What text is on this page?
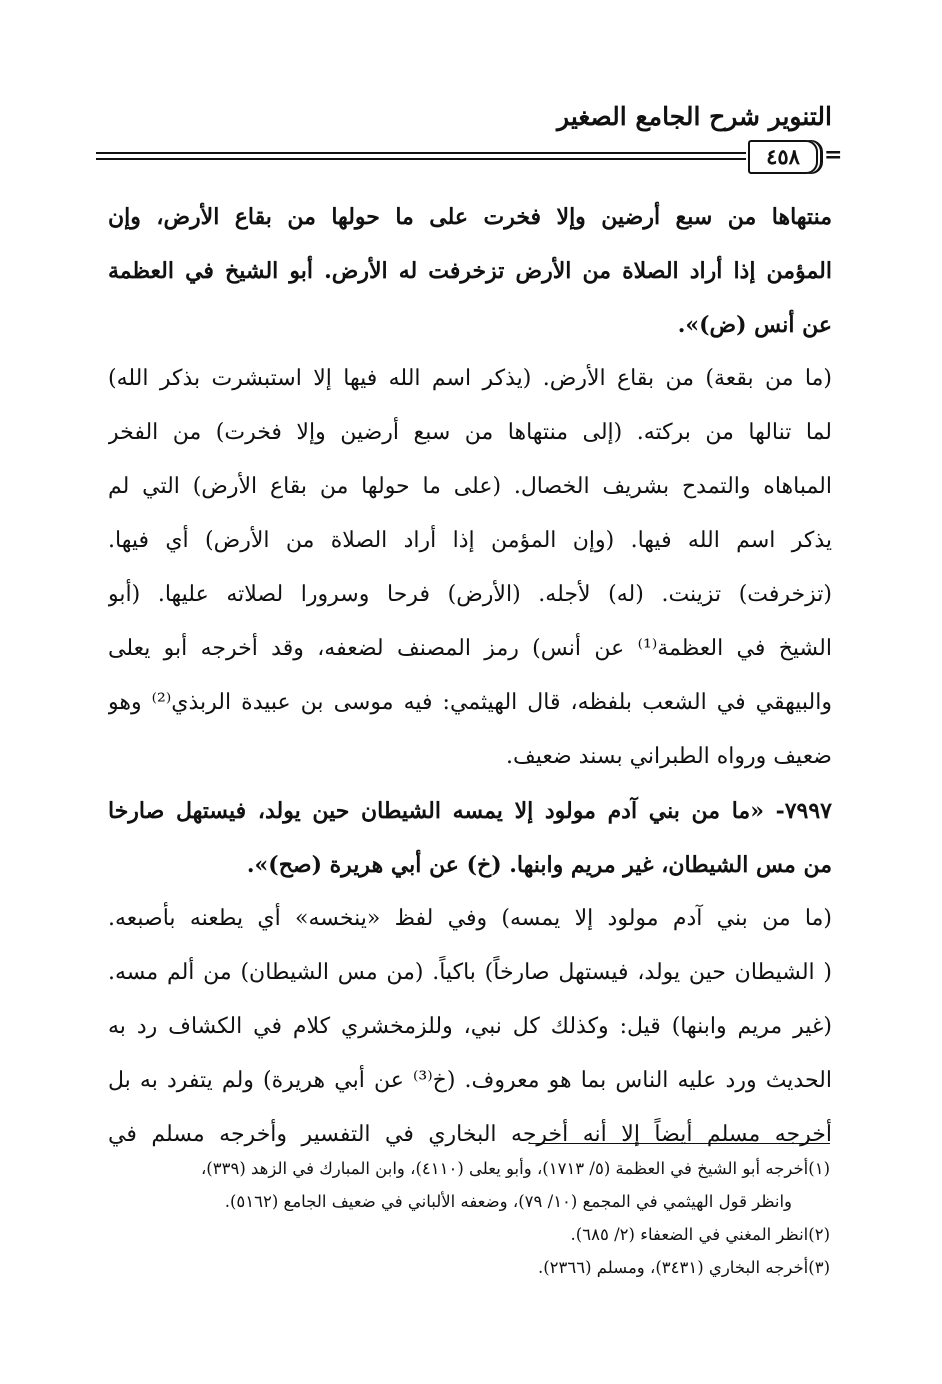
التنوير شرح الجامع الصغير
٤٥٨	=
منتهاها من سبع أرضين وإلا فخرت على ما حولها من بقاع الأرض، وإن
المؤمن إذا أراد الصلاة من الأرض تزخرفت له الأرض. أبو الشيخ في العظمة
عن أنس (ض)».
(ما من بقعة) من بقاع الأرض. (يذكر اسم الله فيها إلا استبشرت بذكر الله)
لما تنالها من بركته. (إلى منتهاها من سبع أرضين وإلا فخرت) من الفخر
المباهاه والتمدح بشريف الخصال. (على ما حولها من بقاع الأرض) التي لم
يذكر اسم الله فيها. (وإن المؤمن إذا أراد الصلاة من الأرض) أي فيها.
(تزخرفت) تزينت. (له) لأجله. (الأرض) فرحا وسرورا لصلاته عليها. (أبو
الشيخ في العظمة⁽¹⁾ عن أنس) رمز المصنف لضعفه، وقد أخرجه أبو يعلى
والبيهقي في الشعب بلفظه، قال الهيثمي: فيه موسى بن عبيدة الربذي⁽²⁾ وهو
ضعيف ورواه الطبراني بسند ضعيف.
٧٩٩٧- «ما من بني آدم مولود إلا يمسه الشيطان حين يولد، فيستهل صارخا
من مس الشيطان، غير مريم وابنها. (خ) عن أبي هريرة (صح)».
(ما من بني آدم مولود إلا يمسه) وفي لفظ «ينخسه» أي يطعنه بأصبعه.
( الشيطان حين يولد، فيستهل صارخاً) باكياً. (من مس الشيطان) من ألم مسه.
(غير مريم وابنها) قيل: وكذلك كل نبي، وللزمخشري كلام في الكشاف رد به
الحديث ورد عليه الناس بما هو معروف. (خ⁽³⁾ عن أبي هريرة) ولم يتفرد به بل
أخرجه مسلم أيضاً إلا أنه أخرجه البخاري في التفسير وأخرجه مسلم في
(١)أخرجه أبو الشيخ في العظمة (٥/ ١٧١٣)، وأبو يعلى (٤١١٠)، وابن المبارك في الزهد (٣٣٩)،
وانظر قول الهيثمي في المجمع (١٠/ ٧٩)، وضعفه الألباني في ضعيف الجامع (٥١٦٢).
(٢)انظر المغني في الضعفاء (٢/ ٦٨٥).
(٣)أخرجه البخاري (٣٤٣١)، ومسلم (٢٣٦٦).
